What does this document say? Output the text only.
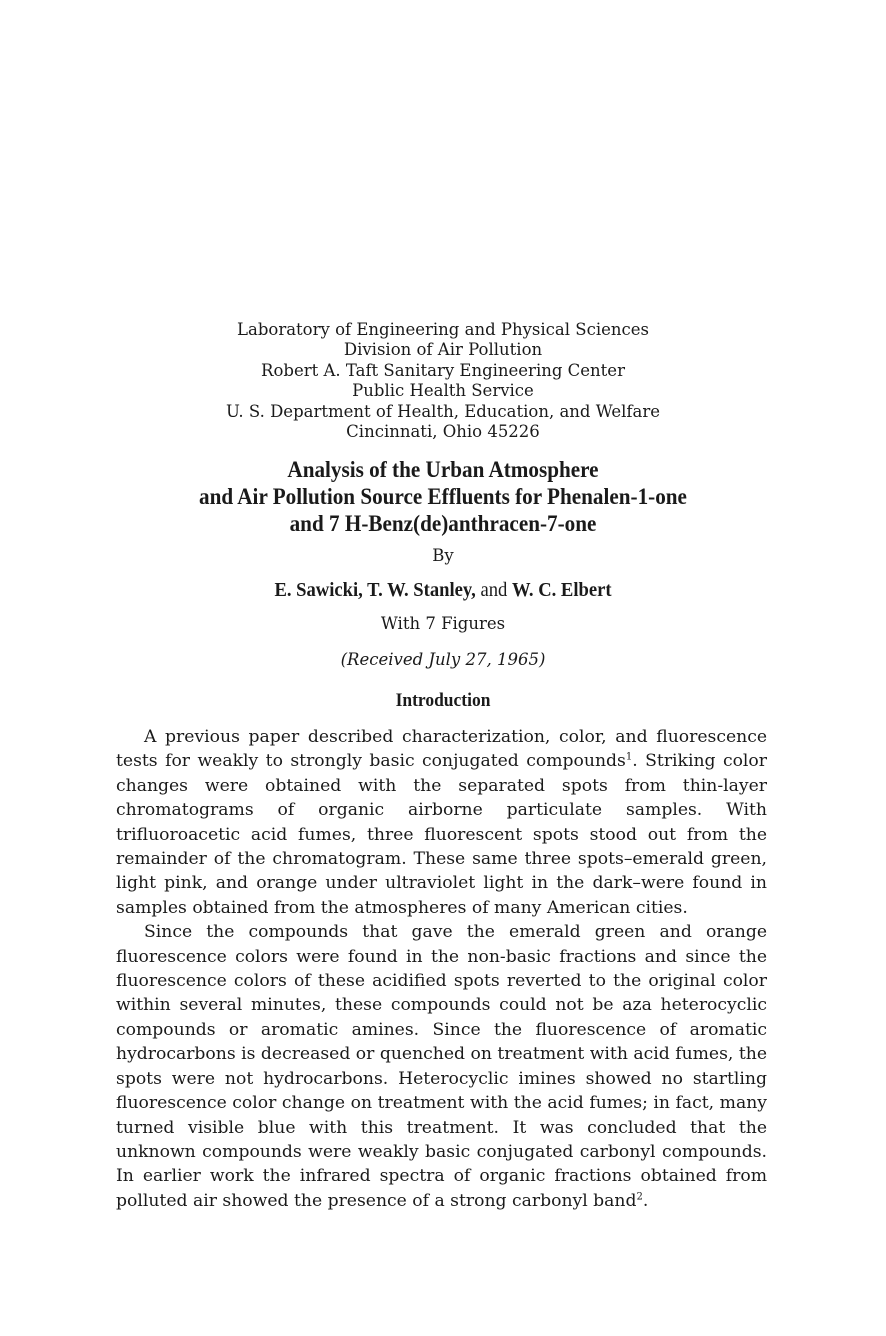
Laboratory of Engineering and Physical Sciences
Division of Air Pollution
Robert A. Taft Sanitary Engineering Center
Public Health Service
U. S. Department of Health, Education, and Welfare
Cincinnati, Ohio 45226
Analysis of the Urban Atmosphere
and Air Pollution Source Effluents for Phenalen-1-one
and 7 H-Benz(de)anthracen-7-one
By
E. Sawicki, T. W. Stanley, and W. C. Elbert
With 7 Figures
(Received July 27, 1965)
Introduction

A previous paper described characterization, color, and fluorescence tests for weakly to strongly basic conjugated compounds$^1$. Striking color changes were obtained with the separated spots from thin-layer chromatograms of organic airborne particulate samples. With trifluoroacetic acid fumes, three fluorescent spots stood out from the remainder of the chromatogram. These same three spots–emerald green, light pink, and orange under ultraviolet light in the dark–were found in samples obtained from the atmospheres of many American cities.

Since the compounds that gave the emerald green and orange fluorescence colors were found in the non-basic fractions and since the fluorescence colors of these acidified spots reverted to the original color within several minutes, these compounds could not be aza heterocyclic compounds or aromatic amines. Since the fluorescence of aromatic hydrocarbons is decreased or quenched on treatment with acid fumes, the spots were not hydrocarbons. Heterocyclic imines showed no startling fluorescence color change on treatment with the acid fumes; in fact, many turned visible blue with this treatment. It was concluded that the unknown compounds were weakly basic conjugated carbonyl compounds. In earlier work the infrared spectra of organic fractions obtained from polluted air showed the presence of a strong carbonyl band$^2$.
